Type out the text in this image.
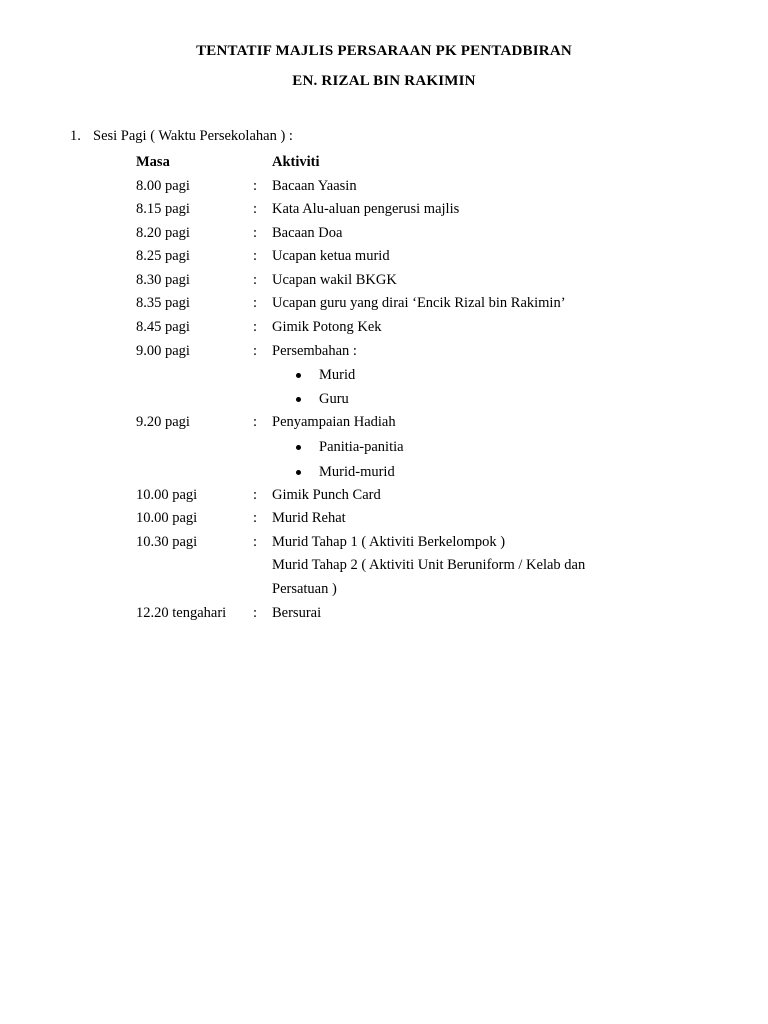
TENTATIF MAJLIS PERSARAAN PK PENTADBIRAN
EN. RIZAL BIN RAKIMIN
1. Sesi Pagi ( Waktu Persekolahan ) :
Masa	Aktiviti
8.00 pagi	: Bacaan Yaasin
8.15 pagi	: Kata Alu-aluan pengerusi majlis
8.20 pagi	: Bacaan Doa
8.25 pagi	: Ucapan ketua murid
8.30 pagi	: Ucapan wakil BKGK
8.35 pagi	: Ucapan guru yang dirai ‘Encik Rizal bin Rakimin’
8.45 pagi	: Gimik Potong Kek
9.00 pagi	: Persembahan :
Murid
Guru
9.20 pagi	: Penyampaian Hadiah
Panitia-panitia
Murid-murid
10.00 pagi	: Gimik Punch Card
10.00 pagi	: Murid Rehat
10.30 pagi	: Murid Tahap 1 ( Aktiviti Berkelompok )
Murid Tahap 2 ( Aktiviti Unit Beruniform / Kelab dan
Persatuan )
12.20 tengahari : Bersurai
